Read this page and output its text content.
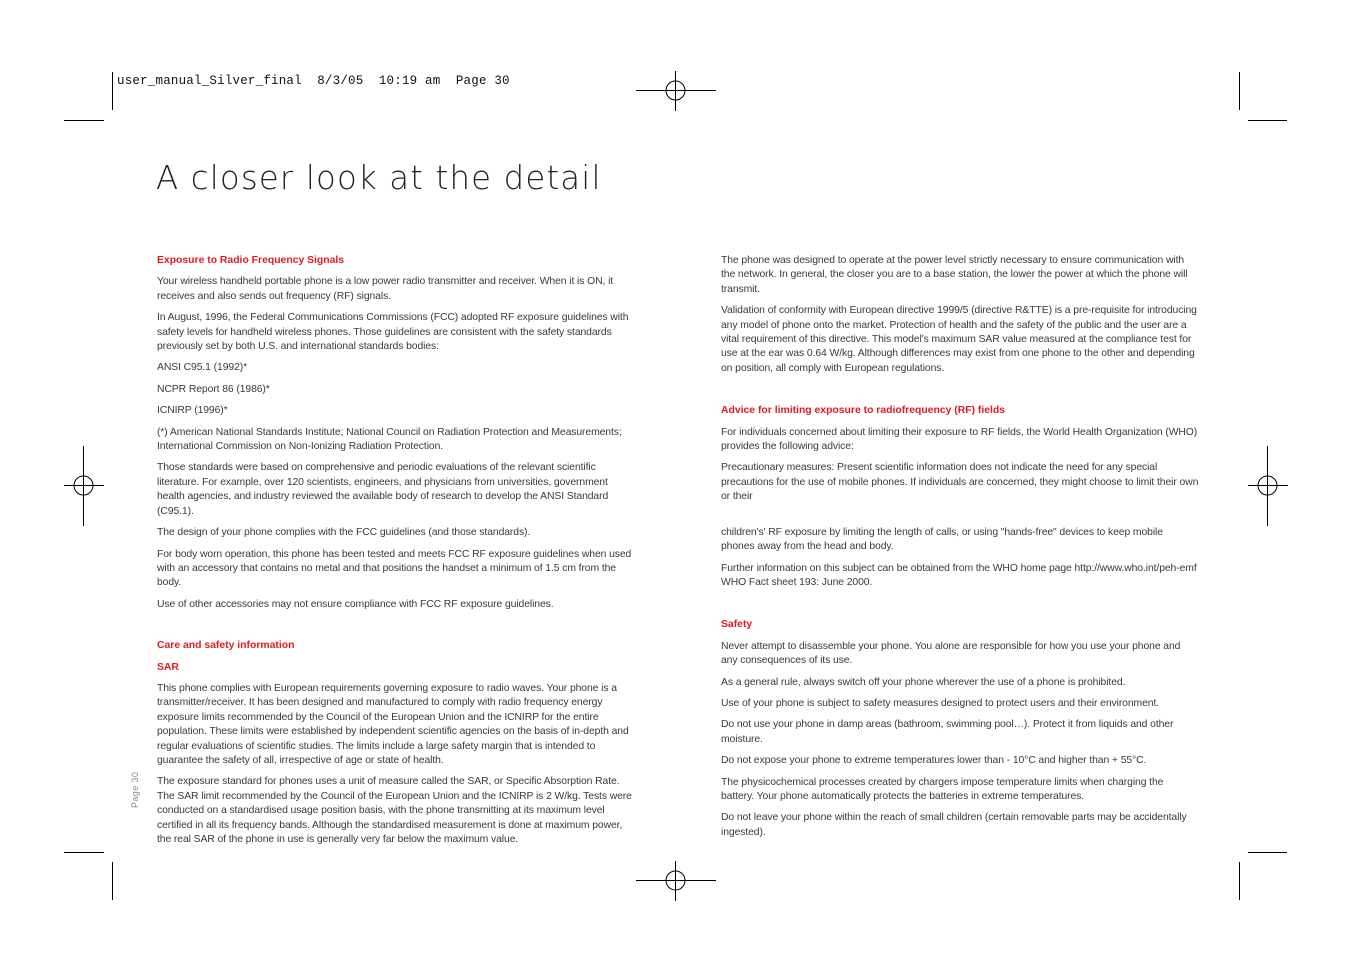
user_manual_Silver_final  8/3/05  10:19 am  Page 30
A closer look at the detail
Page 30
Exposure to Radio Frequency Signals

Your wireless handheld portable phone is a low power radio transmitter and receiver. When it is ON, it receives and also sends out frequency (RF) signals.

In August, 1996, the Federal Communications Commissions (FCC) adopted RF exposure guidelines with safety levels for handheld wireless phones. Those guidelines are consistent with the safety standards previously set by both U.S. and international standards bodies:

ANSI C95.1 (1992)*

NCPR Report 86 (1986)*

ICNIRP (1996)*

(*) American National Standards Institute; National Council on Radiation Protection and Measurements; International Commission on Non-Ionizing Radiation Protection.

Those standards were based on comprehensive and periodic evaluations of the relevant scientific literature. For example, over 120 scientists, engineers, and physicians from universities, government health agencies, and industry reviewed the available body of research to develop the ANSI Standard (C95.1).

The design of your phone complies with the FCC guidelines (and those standards).

For body worn operation, this phone has been tested and meets FCC RF exposure guidelines when used with an accessory that contains no metal and that positions the handset a minimum of 1.5 cm from the body.

Use of other accessories may not ensure compliance with FCC RF exposure guidelines.

Care and safety information
SAR

This phone complies with European requirements governing exposure to radio waves. Your phone is a transmitter/receiver. It has been designed and manufactured to comply with radio frequency energy exposure limits recommended by the Council of the European Union and the ICNIRP for the entire population. These limits were established by independent scientific agencies on the basis of in-depth and regular evaluations of scientific studies. The limits include a large safety margin that is intended to guarantee the safety of all, irrespective of age or state of health.

The exposure standard for phones uses a unit of measure called the SAR, or Specific Absorption Rate. The SAR limit recommended by the Council of the European Union and the ICNIRP is 2 W/kg. Tests were conducted on a standardised usage position basis, with the phone transmitting at its maximum level certified in all its frequency bands. Although the standardised measurement is done at maximum power, the real SAR of the phone in use is generally very far below the maximum value.

The phone was designed to operate at the power level strictly necessary to ensure communication with the network. In general, the closer you are to a base station, the lower the power at which the phone will transmit.

Validation of conformity with European directive 1999/5 (directive R&TTE) is a pre-requisite for introducing any model of phone onto the market. Protection of health and the safety of the public and the user are a vital requirement of this directive. This model's maximum SAR value measured at the compliance test for use at the ear was 0.64 W/kg. Although differences may exist from one phone to the other and depending on position, all comply with European regulations.

Advice for limiting exposure to radiofrequency (RF) fields

For individuals concerned about limiting their exposure to RF fields, the World Health Organization (WHO) provides the following advice:

Precautionary measures: Present scientific information does not indicate the need for any special precautions for the use of mobile phones. If individuals are concerned, they might choose to limit their own or their

children's' RF exposure by limiting the length of calls, or using "hands-free" devices to keep mobile phones away from the head and body.

Further information on this subject can be obtained from the WHO home page http://www.who.int/peh-emf WHO Fact sheet 193: June 2000.

Safety

Never attempt to disassemble your phone. You alone are responsible for how you use your phone and any consequences of its use.

As a general rule, always switch off your phone wherever the use of a phone is prohibited.

Use of your phone is subject to safety measures designed to protect users and their environment.

Do not use your phone in damp areas (bathroom, swimming pool…). Protect it from liquids and other moisture.

Do not expose your phone to extreme temperatures lower than - 10°C and higher than + 55°C.

The physicochemical processes created by chargers impose temperature limits when charging the battery. Your phone automatically protects the batteries in extreme temperatures.

Do not leave your phone within the reach of small children (certain removable parts may be accidentally ingested).
